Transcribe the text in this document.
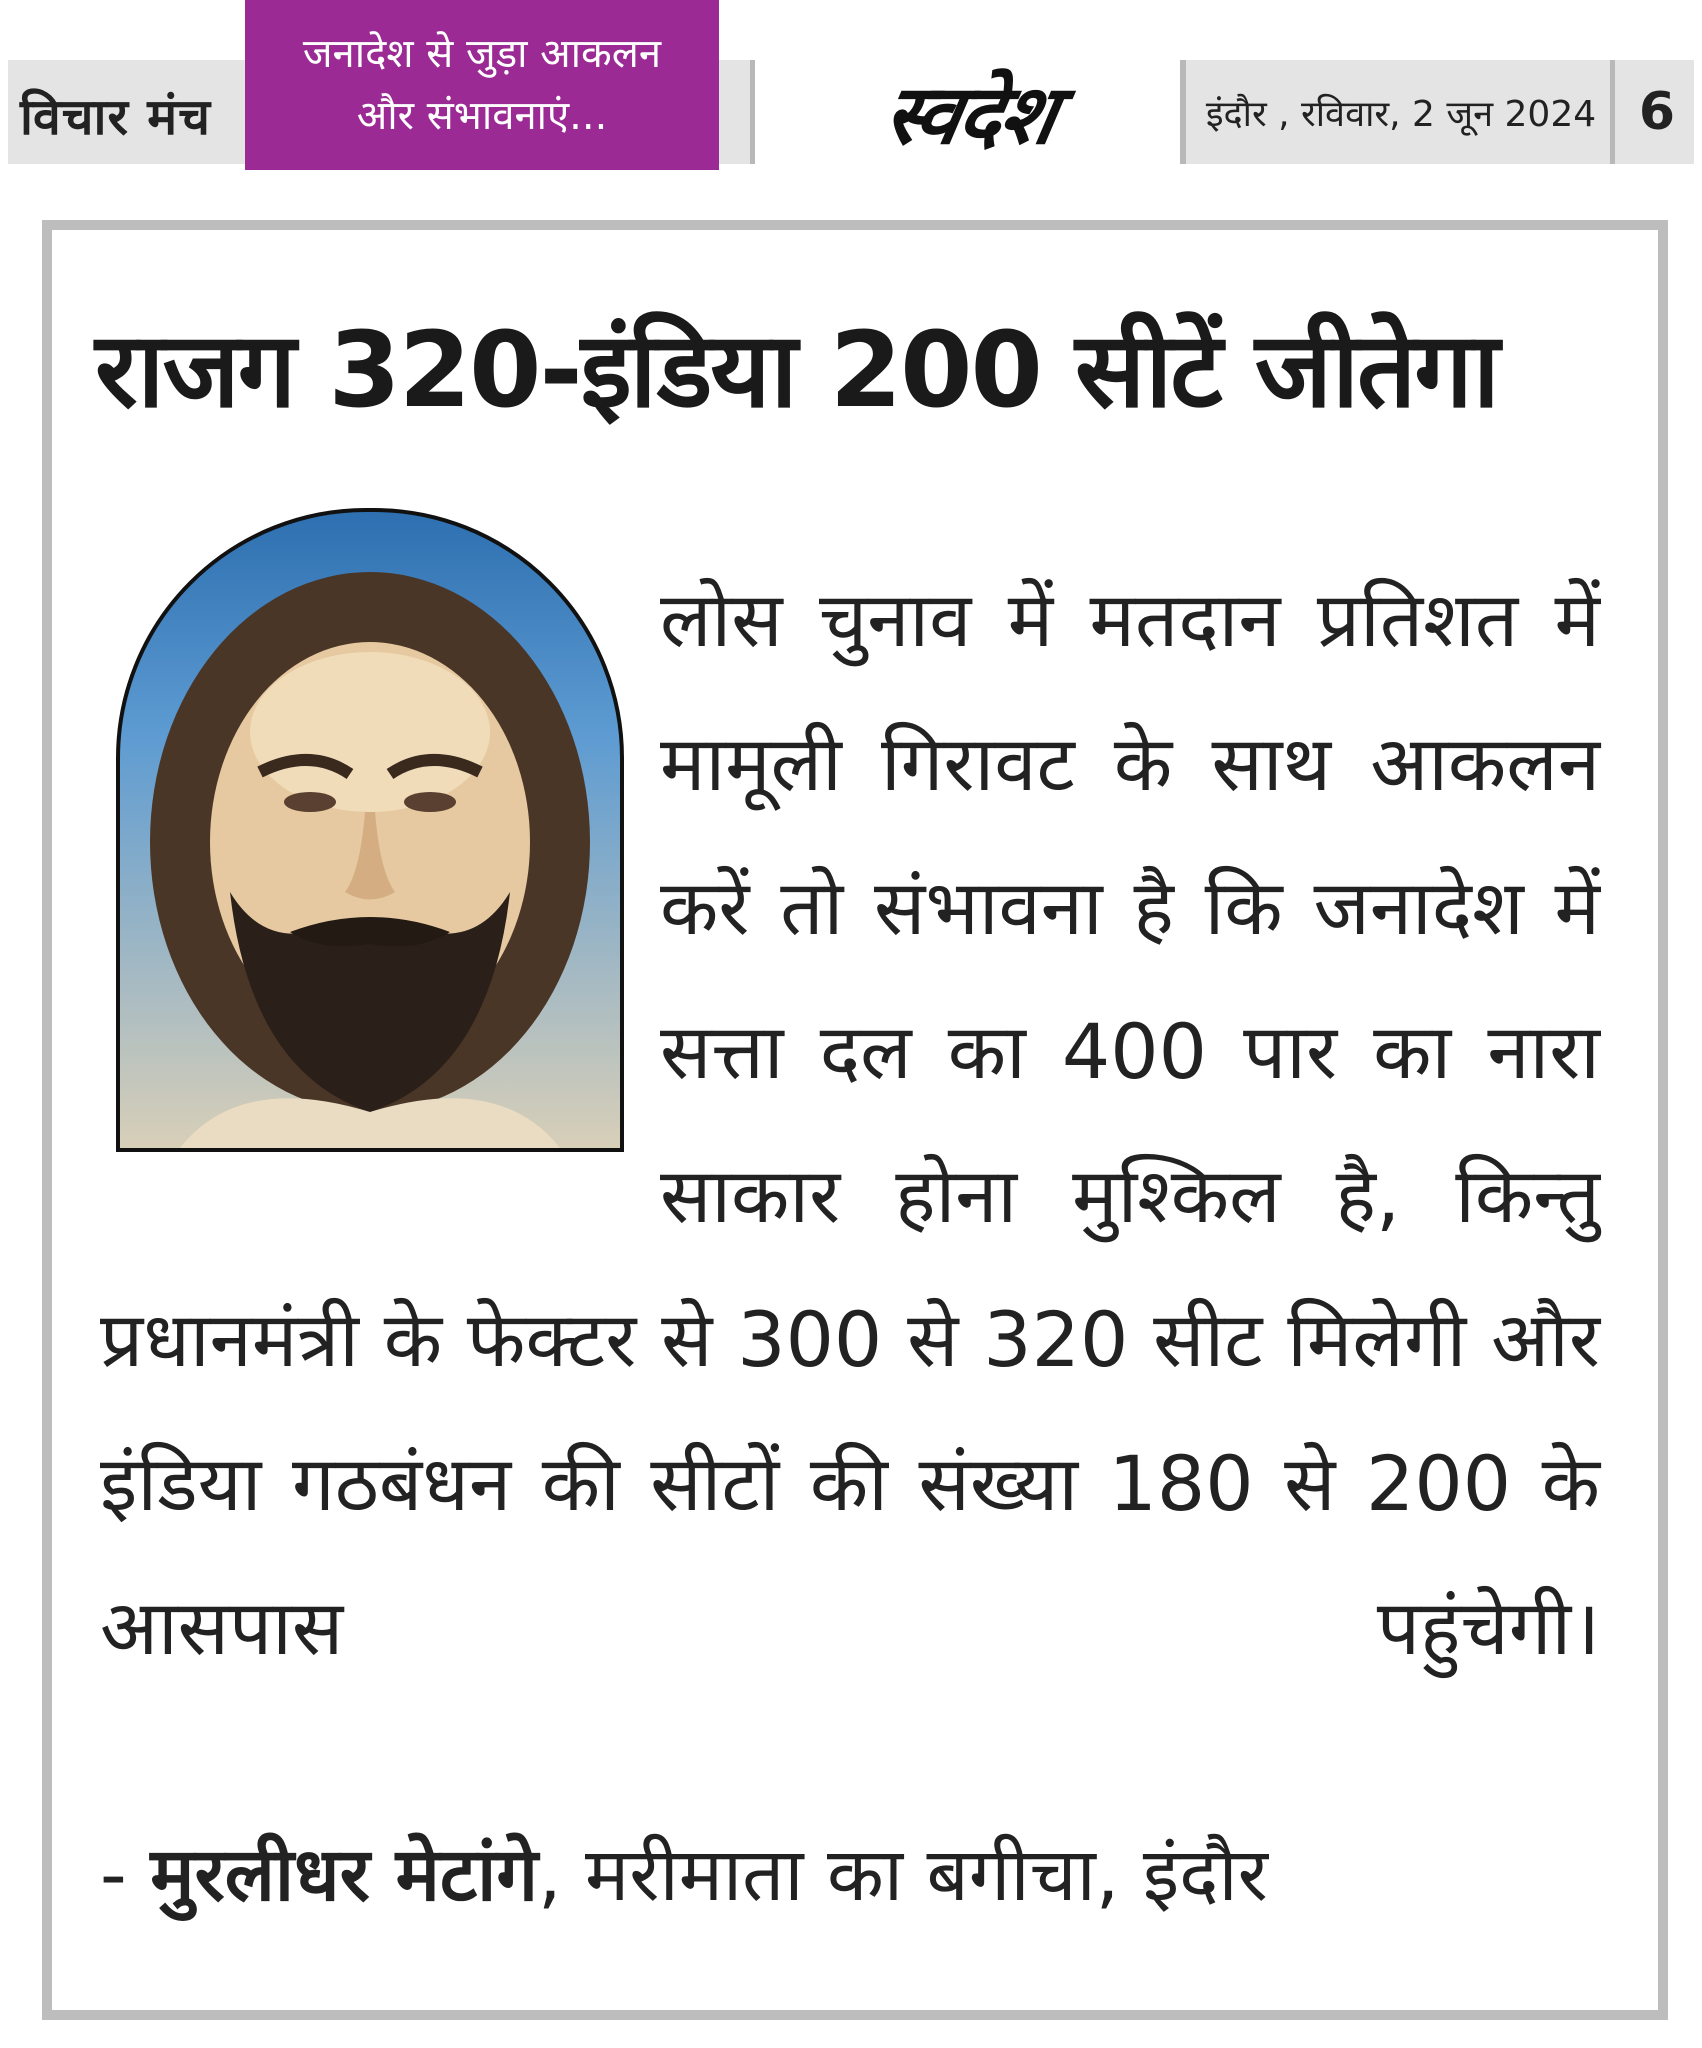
विचार मंच
जनादेश से जुड़ा आकलन
और संभावनाएं...	स्वदेश	इंदौर , रविवार, 2 जून 2024 6
राजग 320-इंडिया 200 सीटें जीतेगा

लोस चुनाव में मतदान प्रतिशत में मामूली गिरावट के साथ आकलन करें तो संभावना है कि जनादेश में सत्ता दल का 400 पार का नारा साकार होना मुश्किल है, किन्तु प्रधानमंत्री के फेक्टर से 300 से 320 सीट मिलेगी और इंडिया गठबंधन की सीटों की संख्या 180 से 200 के आसपास पहुंचेगी।

- मुरलीधर मेटांगे, मरीमाता का बगीचा, इंदौर
